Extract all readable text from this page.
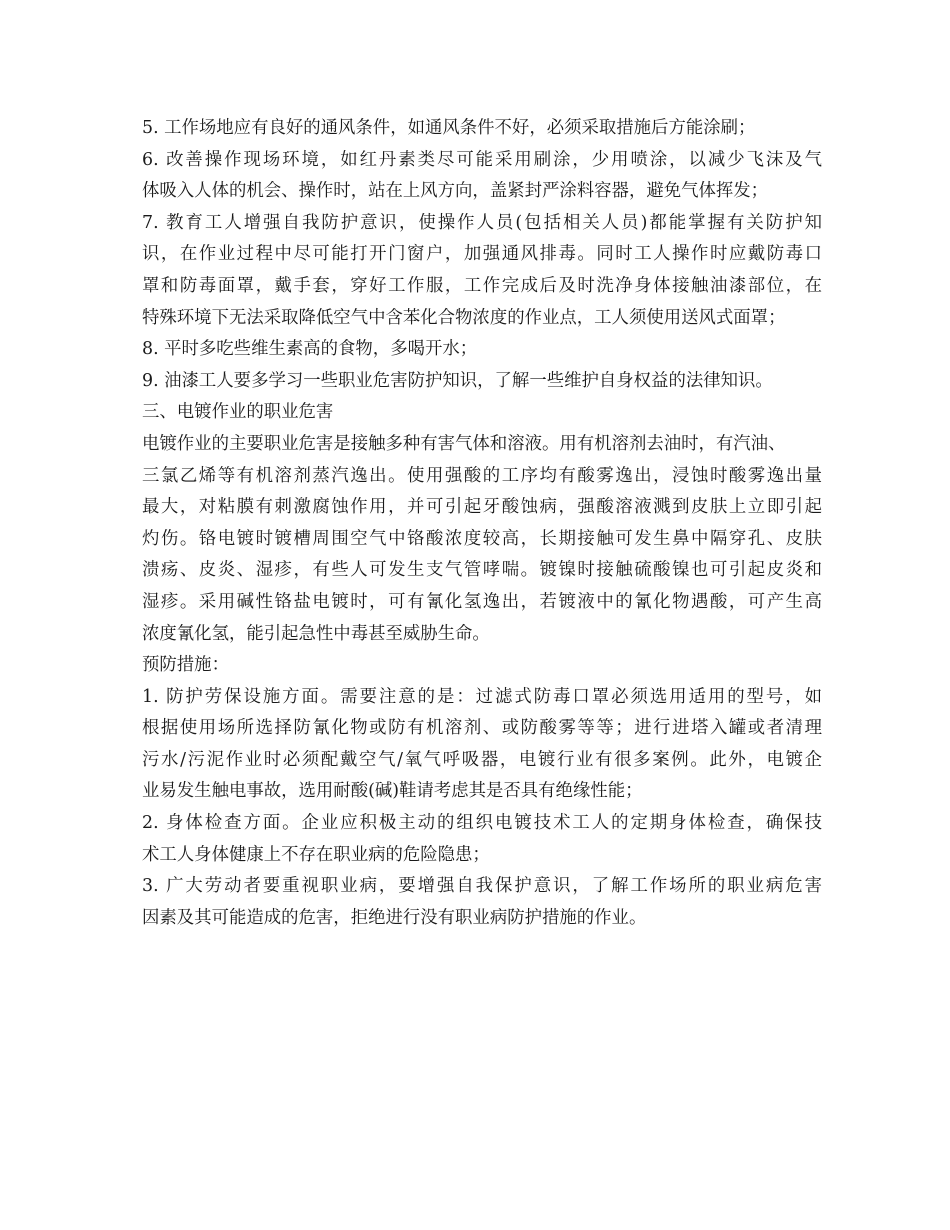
5. 工作场地应有良好的通风条件，如通风条件不好，必须采取措施后方能涂刷；
6. 改善操作现场环境，如红丹素类尽可能采用刷涂，少用喷涂，以减少飞沫及气
体吸入人体的机会、操作时，站在上风方向，盖紧封严涂料容器，避免气体挥发；
7. 教育工人增强自我防护意识，使操作人员(包括相关人员)都能掌握有关防护知
识，在作业过程中尽可能打开门窗户，加强通风排毒。同时工人操作时应戴防毒口
罩和防毒面罩，戴手套，穿好工作服，工作完成后及时洗净身体接触油漆部位，在
特殊环境下无法采取降低空气中含苯化合物浓度的作业点，工人须使用送风式面罩；
8. 平时多吃些维生素高的食物，多喝开水；
9. 油漆工人要多学习一些职业危害防护知识，了解一些维护自身权益的法律知识。
三、电镀作业的职业危害
电镀作业的主要职业危害是接触多种有害气体和溶液。用有机溶剂去油时，有汽油、
三氯乙烯等有机溶剂蒸汽逸出。使用强酸的工序均有酸雾逸出，浸蚀时酸雾逸出量
最大，对粘膜有刺激腐蚀作用，并可引起牙酸蚀病，强酸溶液溅到皮肤上立即引起
灼伤。铬电镀时镀槽周围空气中铬酸浓度较高，长期接触可发生鼻中隔穿孔、皮肤
溃疡、皮炎、湿疹，有些人可发生支气管哮喘。镀镍时接触硫酸镍也可引起皮炎和
湿疹。采用碱性铬盐电镀时，可有氰化氢逸出，若镀液中的氰化物遇酸，可产生高
浓度氰化氢，能引起急性中毒甚至威胁生命。
预防措施：
1. 防护劳保设施方面。需要注意的是：过滤式防毒口罩必须选用适用的型号，如
根据使用场所选择防氰化物或防有机溶剂、或防酸雾等等；进行进塔入罐或者清理
污水/污泥作业时必须配戴空气/氧气呼吸器，电镀行业有很多案例。此外，电镀企
业易发生触电事故，选用耐酸(碱)鞋请考虑其是否具有绝缘性能；
2. 身体检查方面。企业应积极主动的组织电镀技术工人的定期身体检查，确保技
术工人身体健康上不存在职业病的危险隐患；
3. 广大劳动者要重视职业病，要增强自我保护意识，了解工作场所的职业病危害
因素及其可能造成的危害，拒绝进行没有职业病防护措施的作业。
